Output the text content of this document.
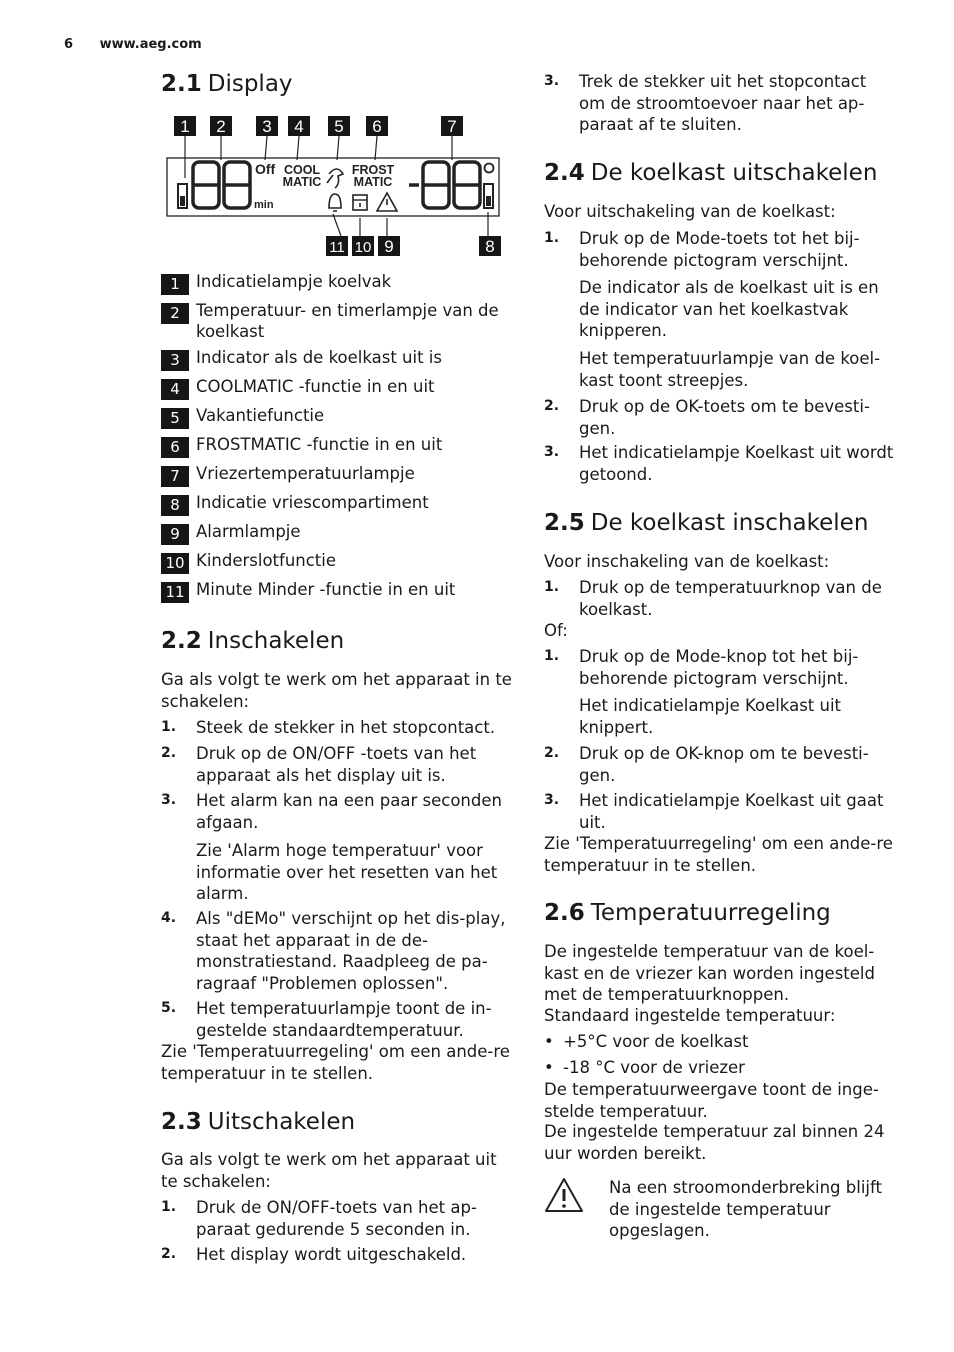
6 www.aeg.com
2.1 Display
1 2 3 4 5 6	7
Off
min
COOL
MATIC
FROST
MATIC
11 10 9	8
1 Indicatielampje koelvak
2 Temperatuur- en timerlampje van de koelkast
3 Indicator als de koelkast uit is
4 COOLMATIC -functie in en uit
5 Vakantiefunctie
6 FROSTMATIC -functie in en uit
7 Vriezertemperatuurlampje
8 Indicatie vriescompartiment
9 Alarmlampje
10 Kinderslotfunctie
11 Minute Minder -functie in en uit
2.2 Inschakelen

Ga als volgt te werk om het apparaat in te schakelen:

1. Steek de stekker in het stopcontact.
2. Druk op de ON/OFF -toets van het apparaat als het display uit is.
3. Het alarm kan na een paar seconden afgaan.
Zie 'Alarm hoge temperatuur' voor informatie over het resetten van het alarm.
4. Als "dEMo" verschijnt op het dis-play, staat het apparaat in de de-monstratiestand. Raadpleeg de pa-ragraaf "Problemen oplossen".
5. Het temperatuurlampje toont de in-gestelde standaardtemperatuur.

Zie 'Temperatuurregeling' om een ande-re temperatuur in te stellen.

2.3 Uitschakelen

Ga als volgt te werk om het apparaat uit te schakelen:

1. Druk de ON/OFF-toets van het ap-paraat gedurende 5 seconden in.
2. Het display wordt uitgeschakeld.
3. Trek de stekker uit het stopcontact om de stroomtoevoer naar het ap-paraat af te sluiten.
2.4 De koelkast uitschakelen

Voor uitschakeling van de koelkast:

1. Druk op de Mode-toets tot het bij-behorende pictogram verschijnt.
De indicator als de koelkast uit is en de indicator van het koelkastvak knipperen.
Het temperatuurlampje van de koel-kast toont streepjes.
2. Druk op de OK-toets om te bevesti-gen.
3. Het indicatielampje Koelkast uit wordt getoond.
2.5 De koelkast inschakelen

Voor inschakeling van de koelkast:

1. Druk op de temperatuurknop van de koelkast.

Of:

1. Druk op de Mode-knop tot het bij-behorende pictogram verschijnt.
Het indicatielampje Koelkast uit knippert.
2. Druk op de OK-knop om te bevesti-gen.
3. Het indicatielampje Koelkast uit gaat uit.

Zie 'Temperatuurregeling' om een ande-re temperatuur in te stellen.

2.6 Temperatuurregeling

De ingestelde temperatuur van de koel-kast en de vriezer kan worden ingesteld met de temperatuurknoppen.

Standaard ingestelde temperatuur:

• +5°C voor de koelkast
• -18 °C voor de vriezer

De temperatuurweergave toont de inge-stelde temperatuur.

De ingestelde temperatuur zal binnen 24 uur worden bereikt.

Na een stroomonderbreking blijft de ingestelde temperatuur opgeslagen.
